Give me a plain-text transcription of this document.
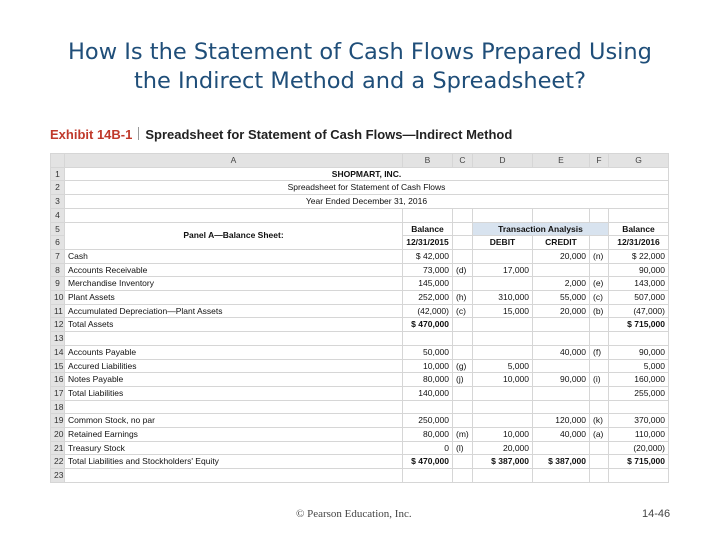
How Is the Statement of Cash Flows Prepared Using
the Indirect Method and a Spreadsheet?
Exhibit 14B-1 Spreadsheet for Statement of Cash Flows—Indirect Method
	A	B	C	D	E	F	G
1	SHOPMART, INC.						
2	Spreadsheet for Statement of Cash Flows						
3	Year Ended December 31, 2016						
4							
5	Panel A—Balance Sheet:	Balance		Transaction Analysis			Balance
6		12/31/2015		DEBIT	CREDIT		12/31/2016
7	Cash	$ 42,000			20,000	(n)	$ 22,000
8	Accounts Receivable	73,000	(d)	17,000			90,000
9	Merchandise Inventory	145,000			2,000	(e)	143,000
10	Plant Assets	252,000	(h)	310,000	55,000	(c)	507,000
11	Accumulated Depreciation—Plant Assets	(42,000)	(c)	15,000	20,000	(b)	(47,000)
12	Total Assets	$ 470,000					$ 715,000
13							
14	Accounts Payable	50,000			40,000	(f)	90,000
15	Accured Liabilities	10,000	(g)	5,000			5,000
16	Notes Payable	80,000	(j)	10,000	90,000	(i)	160,000
17	Total Liabilities	140,000					255,000
18							
19	Common Stock, no par	250,000			120,000	(k)	370,000
20	Retained Earnings	80,000	(m)	10,000	40,000	(a)	110,000
21	Treasury Stock	0	(l)	20,000			(20,000)
22	Total Liabilities and Stockholders' Equity	$ 470,000		$ 387,000	$ 387,000		$ 715,000
23							
© Pearson Education, Inc.	14-46
